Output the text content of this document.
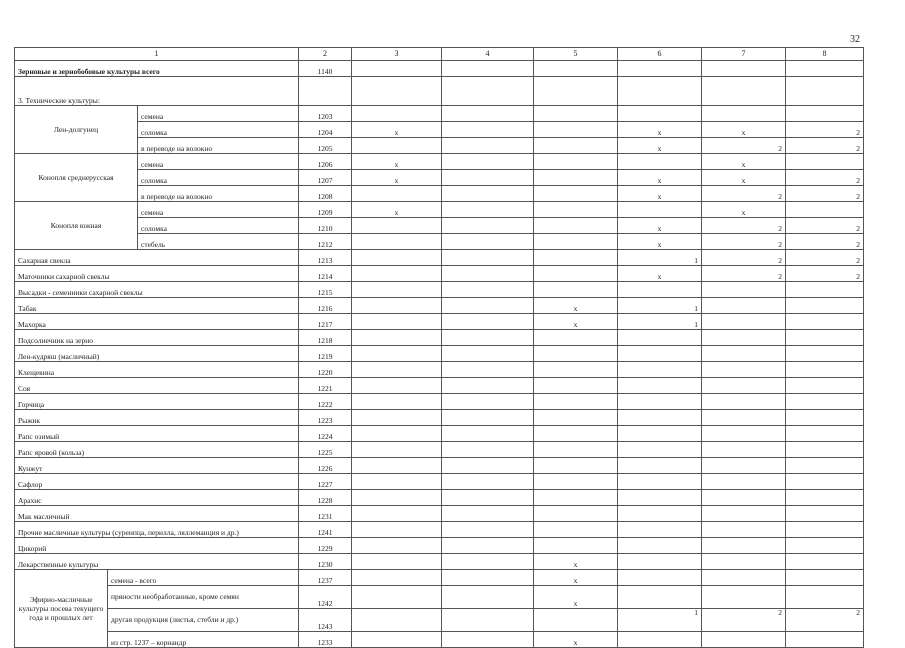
32
1			2	3	4	5	6	7	8
Зерновые и зернобобовые культуры всего			1140						
3. Технические культуры:									
Лен-долгунец		семена	1203						
		соломка	1204	х			х	х	2
		в переводе на волокно	1205				х	2	2
Конопля среднерусская		семена	1206	х				х	
		соломка	1207	х			х	х	2
		в переводе на волокно	1208				х	2	2
Конопля южная		семена	1209	х				х	
		соломка	1210				х	2	2
		стебель	1212				х	2	2
Сахарная свекла			1213				1	2	2
Маточники сахарной свеклы			1214				х	2	2
Высадки - семенники сахарной свеклы			1215						
Табак			1216			х	1		
Махорка			1217			х	1		
Подсолнечник на зерно			1218						
Лен-кудряш (масличный)			1219						
Клещевина			1220						
Соя			1221						
Горчица			1222						
Рыжик			1223						
Рапс озимый			1224						
Рапс яровой (кольза)			1225						
Кунжут			1226						
Сафлор			1227						
Арахис			1228						
Мак масличный			1231						
Прочие масличные культуры (суренпца, перилла, ляллеманция и др.)			1241						
Цикорий			1229						
Лекарственные культуры			1230			х			
Эфирно-масличные культуры посева текущего года и прошлых лет	семена - всего		1237			х			
	пряности необработанные, кроме семян		1242			х			
	другая продукция (листья, стебли и др.)		1243				1	2	2
	из стр. 1237 – кориандр		1233			х			
